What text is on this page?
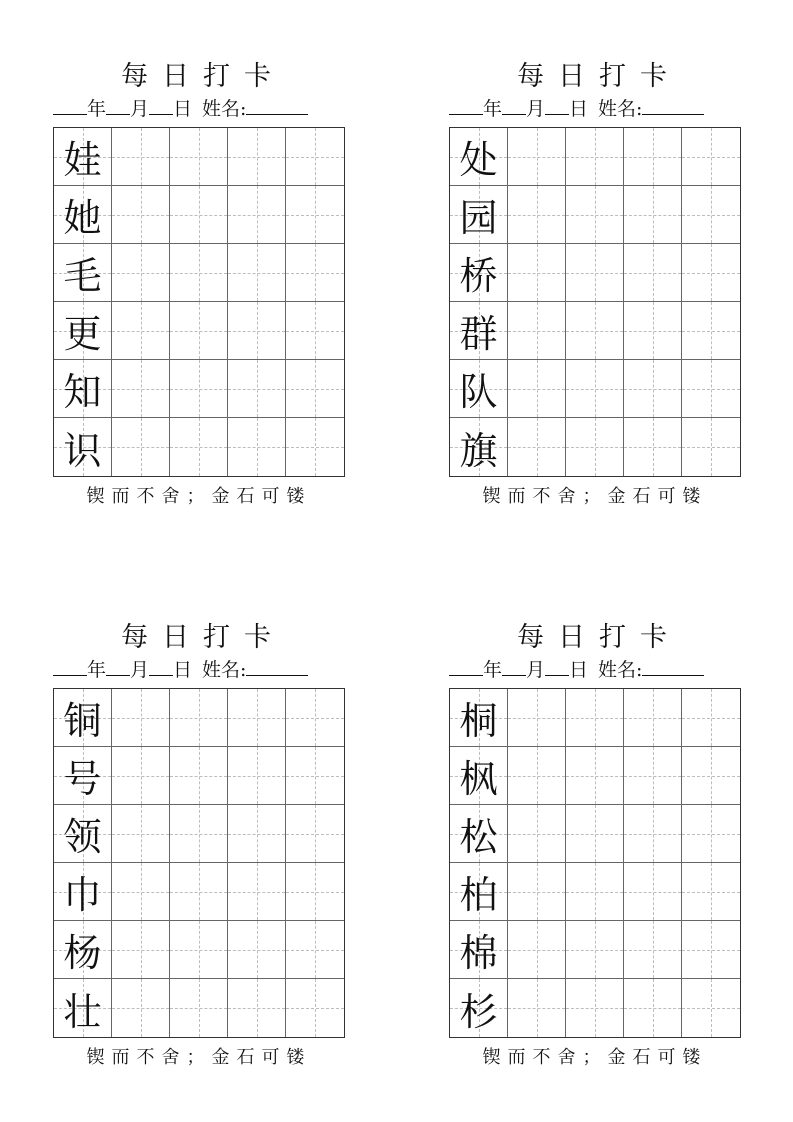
每日打卡
年 月 日 姓名:
娃
她
毛
更
知
识
锲而不舍；金石可镂
每日打卡
年 月 日 姓名:
处
园
桥
群
队
旗
锲而不舍；金石可镂
每日打卡
年 月 日 姓名:
铜
号
领
巾
杨
壮
锲而不舍；金石可镂
每日打卡
年 月 日 姓名:
桐
枫
松
柏
棉
杉
锲而不舍；金石可镂
